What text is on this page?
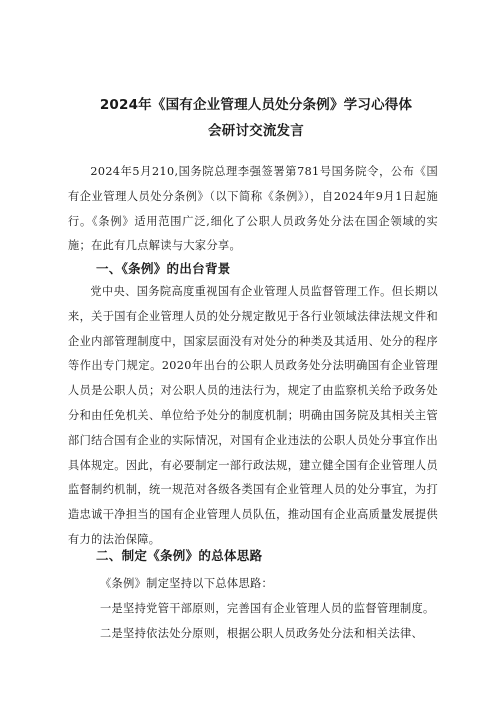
2024年《国有企业管理人员处分条例》学习心得体会研讨交流发言

2024年5月210,国务院总理李强签署第781号国务院令，公布《国有企业管理人员处分条例》（以下简称《条例》），自2024年9月1日起施行。《条例》适用范围广泛,细化了公职人员政务处分法在国企领域的实施；在此有几点解读与大家分享。

一、《条例》的出台背景

党中央、国务院高度重视国有企业管理人员监督管理工作。但长期以来，关于国有企业管理人员的处分规定散见于各行业领域法律法规文件和企业内部管理制度中，国家层面没有对处分的种类及其适用、处分的程序等作出专门规定。2020年出台的公职人员政务处分法明确国有企业管理人员是公职人员；对公职人员的违法行为，规定了由监察机关给予政务处分和由任免机关、单位给予处分的制度机制；明确由国务院及其相关主管部门结合国有企业的实际情况，对国有企业违法的公职人员处分事宜作出具体规定。因此，有必要制定一部行政法规，建立健全国有企业管理人员监督制约机制，统一规范对各级各类国有企业管理人员的处分事宜，为打造忠诚干净担当的国有企业管理人员队伍，推动国有企业高质量发展提供有力的法治保障。

二、制定《条例》的总体思路
《条例》制定坚持以下总体思路：
一是坚持党管干部原则，完善国有企业管理人员的监督管理制度。
二是坚持依法处分原则，根据公职人员政务处分法和相关法律、
